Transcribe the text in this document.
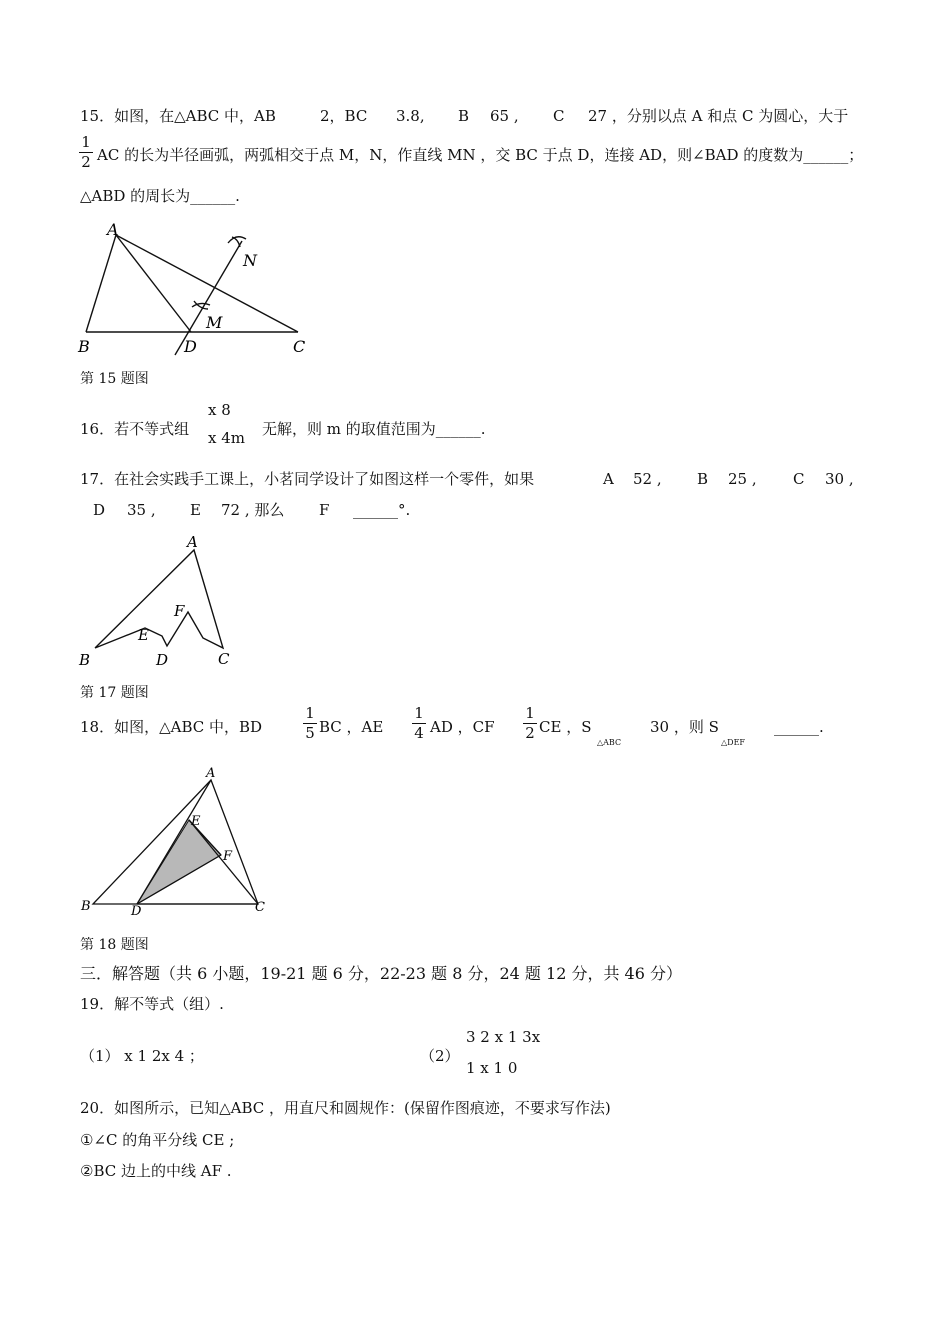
15．如图，在△ABC 中，AB	2，BC 3.8, B 65 , C 27 ，分别以点 A 和点 C 为圆心，大于
1
2 AC 的长为半径画弧，两弧相交于点 M，N，作直线 MN ，交 BC 于点 D，连接 AD，则∠BAD 的度数为______；
△ABD 的周长为______.
A
B	D	C
M
N
第 15 题图
16．若不等式组
x 8
x 4m 无解，则 m 的取值范围为______.
17．在社会实践手工课上，小茗同学设计了如图这样一个零件，如果	A 52 , B 25 , C 30 ,
D 35 , E 72 , 那么 F ______°.
A
B	C
D
E
F
第 17 题图
18．如图，△ABC 中，BD
1
5 BC ，AE
1
4 AD ，CF
1
2 CE ，S
△ABC
30 ，则 S
△DEF
______.
A
B	C
D
E
F
第 18 题图
三．解答题（共 6 小题，19-21 题 6 分，22-23 题 8 分，24 题 12 分，共 46 分）
19．解不等式（组）.
（1） x 1 2x 4 ；	（2）
3 2 x 1 3x
1 x 1 0
20．如图所示，已知△ABC ，用直尺和圆规作：(保留作图痕迹，不要求写作法)
①∠C 的角平分线 CE ;
②BC 边上的中线 AF .
